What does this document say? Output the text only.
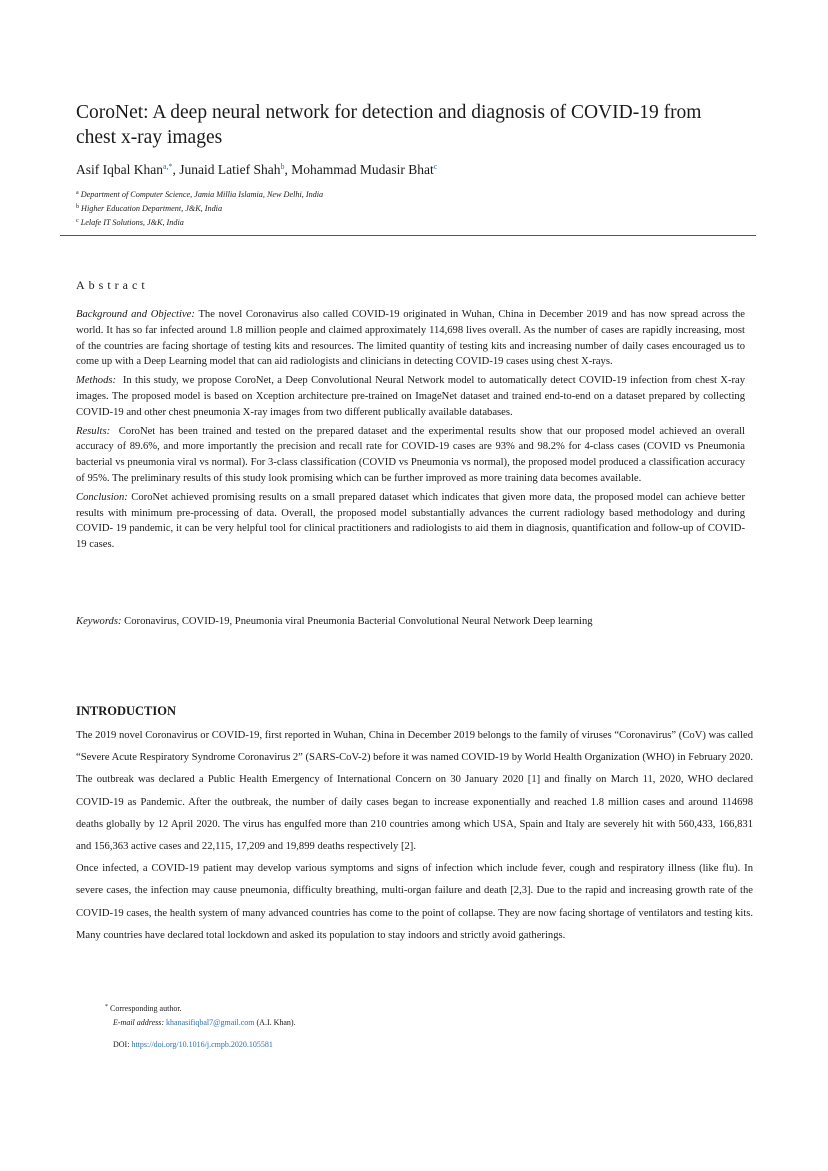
CoroNet: A deep neural network for detection and diagnosis of COVID-19 from chest x-ray images
Asif Iqbal Khan$^{a,*}$, Junaid Latief Shah$^b$, Mohammad Mudasir Bhat$^c$
$^a$ Department of Computer Science, Jamia Millia Islamia, New Delhi, India
$^b$ Higher Education Department, J&K, India
$^c$ Lelafe IT Solutions, J&K, India
Abstract

Background and Objective: The novel Coronavirus also called COVID-19 originated in Wuhan, China in December 2019 and has now spread across the world. It has so far infected around 1.8 million people and claimed approximately 114,698 lives overall. As the number of cases are rapidly increasing, most of the countries are facing shortage of testing kits and resources. The limited quantity of testing kits and increasing number of daily cases encouraged us to come up with a Deep Learning model that can aid radiologists and clinicians in detecting COVID-19 cases using chest X-rays.

Methods: In this study, we propose CoroNet, a Deep Convolutional Neural Network model to automatically detect COVID-19 infection from chest X-ray images. The proposed model is based on Xception architecture pre-trained on ImageNet dataset and trained end-to-end on a dataset prepared by collecting COVID-19 and other chest pneumonia X-ray images from two different publically available databases.

Results: CoroNet has been trained and tested on the prepared dataset and the experimental results show that our proposed model achieved an overall accuracy of 89.6%, and more importantly the precision and recall rate for COVID-19 cases are 93% and 98.2% for 4-class cases (COVID vs Pneumonia bacterial vs pneumonia viral vs normal). For 3-class classification (COVID vs Pneumonia vs normal), the proposed model produced a classification accuracy of 95%. The preliminary results of this study look promising which can be further improved as more training data becomes available.

Conclusion: CoroNet achieved promising results on a small prepared dataset which indicates that given more data, the proposed model can achieve better results with minimum pre-processing of data. Overall, the proposed model substantially advances the current radiology based methodology and during COVID- 19 pandemic, it can be very helpful tool for clinical practitioners and radiologists to aid them in diagnosis, quantification and follow-up of COVID-19 cases.

Keywords: Coronavirus, COVID-19, Pneumonia viral Pneumonia Bacterial Convolutional Neural Network Deep learning
INTRODUCTION

The 2019 novel Coronavirus or COVID-19, first reported in Wuhan, China in December 2019 belongs to the family of viruses “Coronavirus” (CoV) was called “Severe Acute Respiratory Syndrome Coronavirus 2” (SARS-CoV-2) before it was named COVID-19 by World Health Organization (WHO) in February 2020. The outbreak was declared a Public Health Emergency of International Concern on 30 January 2020 [1] and finally on March 11, 2020, WHO declared COVID-19 as Pandemic. After the outbreak, the number of daily cases began to increase exponentially and reached 1.8 million cases and around 114698 deaths globally by 12 April 2020. The virus has engulfed more than 210 countries among which USA, Spain and Italy are severely hit with 560,433, 166,831 and 156,363 active cases and 22,115, 17,209 and 19,899 deaths respectively [2].

Once infected, a COVID-19 patient may develop various symptoms and signs of infection which include fever, cough and respiratory illness (like flu). In severe cases, the infection may cause pneumonia, difficulty breathing, multi-organ failure and death [2,3]. Due to the rapid and increasing growth rate of the COVID-19 cases, the health system of many advanced countries has come to the point of collapse. They are now facing shortage of ventilators and testing kits. Many countries have declared total lockdown and asked its population to stay indoors and strictly avoid gatherings.

* Corresponding author.
E-mail address: khanasifiqbal7@gmail.com (A.I. Khan).
DOI: https://doi.org/10.1016/j.cmpb.2020.105581
